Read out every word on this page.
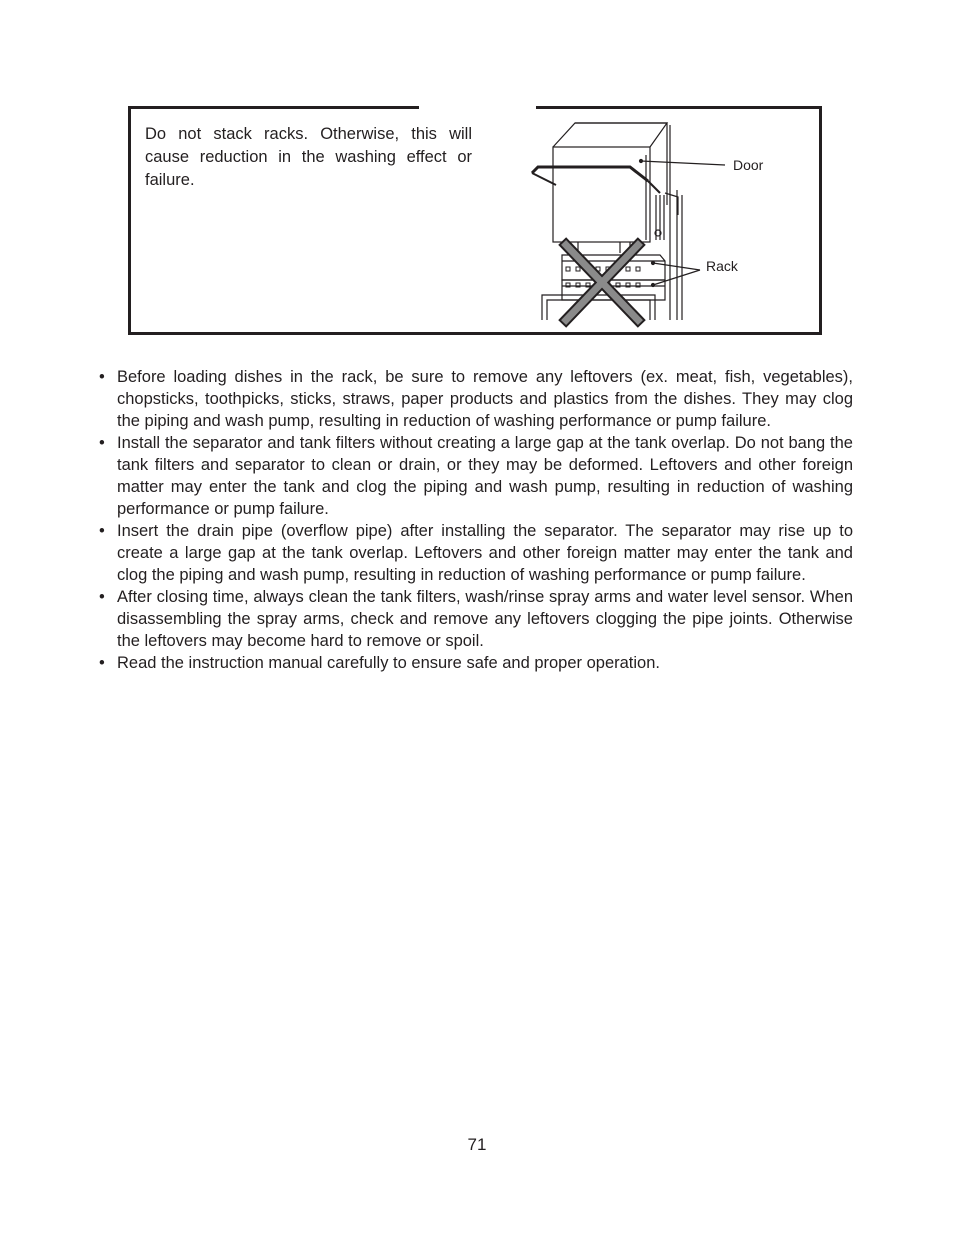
Do not stack racks. Otherwise, this will cause reduction in the washing effect or failure.
Door
Rack
• Before loading dishes in the rack, be sure to remove any leftovers (ex. meat, fish, vegetables), chopsticks, toothpicks, sticks, straws, paper products and plastics from the dishes. They may clog the piping and wash pump, resulting in reduction of washing performance or pump failure.
• Install the separator and tank filters without creating a large gap at the tank overlap. Do not bang the tank filters and separator to clean or drain, or they may be deformed. Leftovers and other foreign matter may enter the tank and clog the piping and wash pump, resulting in reduction of washing performance or pump failure.
• Insert the drain pipe (overflow pipe) after installing the separator. The separator may rise up to create a large gap at the tank overlap. Leftovers and other foreign matter may enter the tank and clog the piping and wash pump, resulting in reduction of washing performance or pump failure.
• After closing time, always clean the tank filters, wash/rinse spray arms and water level sensor. When disassembling the spray arms, check and remove any leftovers clogging the pipe joints. Otherwise the leftovers may become hard to remove or spoil.
• Read the instruction manual carefully to ensure safe and proper operation.
71
